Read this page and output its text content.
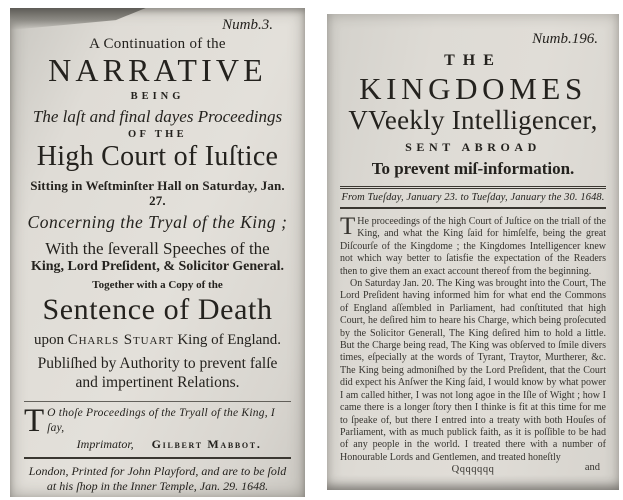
Numb.3.
A Continuation of the
NARRATIVE
BEING
The laſt and final dayes Proceedings
OF THE
High Court of Iuſtice
Sitting in Weſtminſter Hall on Saturday, Jan. 27.
Concerning the Tryal of the King ;
With the ſeverall Speeches of the
King, Lord Preſident, & Solicitor General.
Together with a Copy of the
Sentence of Death
upon Charls Stuart King of England.
Publiſhed by Authority to prevent falſe and impertinent Relations.
T O thoſe Proceedings of the Tryall of the King, I ſay,
Imprimator, Gilbert Mabbot.
London, Printed for John Playford, and are to be ſold at his ſhop in the Inner Temple, Jan. 29. 1648.
Numb.196.
THE
KINGDOMES
VVeekly Intelligencer,
SENT ABROAD
To prevent miſ-information.
From Tueſday, January 23. to Tueſday, January the 30. 1648.

T He proceedings of the high Court of Juſtice on the triall of the King, and what the King ſaid for himſelfe, being the great Diſcourſe of the Kingdome ; the Kingdomes Intelligencer knew not which way better to ſatisfie the expectation of the Readers then to give them an exact account thereof from the beginning.

On Saturday Jan. 20. The King was brought into the Court, The Lord Preſident having informed him for what end the Commons of England aſſembled in Parliament, had conſtituted that high Court, he deſired him to heare his Charge, which being proſecuted by the Solicitor Generall, The King deſired him to hold a little. But the Charge being read, The King was obſerved to ſmile divers times, eſpecially at the words of Tyrant, Traytor, Murtherer, &c. The King being admoniſhed by the Lord Preſident, that the Court did expect his Anſwer the King ſaid, I would know by what power I am called hither, I was not long agoe in the Iſle of Wight ; how I came there is a longer ſtory then I thinke is fit at this time for me to ſpeake of, but there I entred into a treaty with both Houſes of Parliament, with as much publick faith, as it is poſſible to be had of any people in the world. I treated there with a number of Honourable Lords and Gentlemen, and treated honeſtly

Qqqqqqq	and
